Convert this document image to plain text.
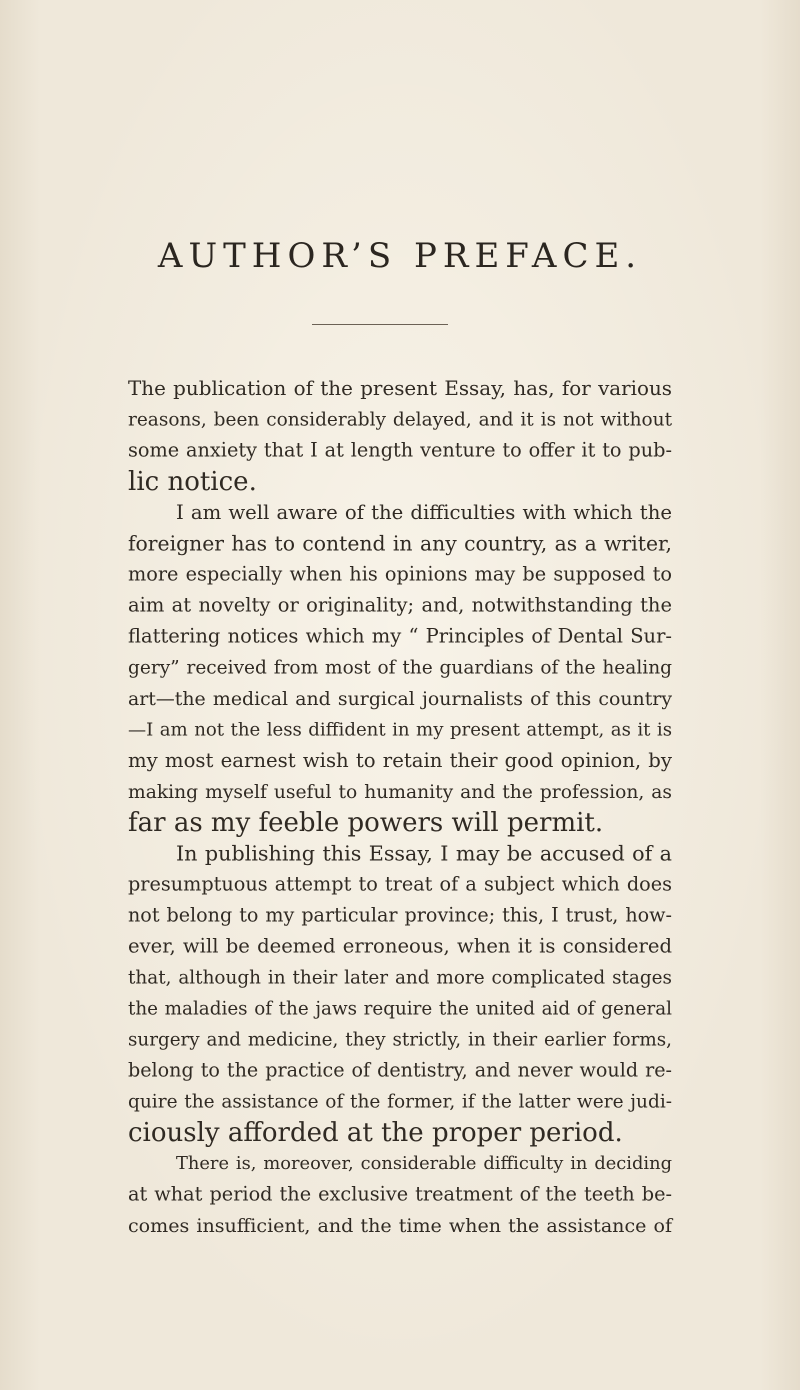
AUTHOR’S PREFACE.
The publication of the present Essay, has, for various
reasons, been considerably delayed, and it is not without
some anxiety that I at length venture to offer it to pub-
lic notice.
I am well aware of the difficulties with which the
foreigner has to contend in any country, as a writer,
more especially when his opinions may be supposed to
aim at novelty or originality; and, notwithstanding the
flattering notices which my “ Principles of Dental Sur-
gery” received from most of the guardians of the healing
art—the medical and surgical journalists of this country
—I am not the less diffident in my present attempt, as it is
my most earnest wish to retain their good opinion, by
making myself useful to humanity and the profession, as
far as my feeble powers will permit.
In publishing this Essay, I may be accused of a
presumptuous attempt to treat of a subject which does
not belong to my particular province; this, I trust, how-
ever, will be deemed erroneous, when it is considered
that, although in their later and more complicated stages
the maladies of the jaws require the united aid of general
surgery and medicine, they strictly, in their earlier forms,
belong to the practice of dentistry, and never would re-
quire the assistance of the former, if the latter were judi-
ciously afforded at the proper period.
There is, moreover, considerable difficulty in deciding
at what period the exclusive treatment of the teeth be-
comes insufficient, and the time when the assistance of
